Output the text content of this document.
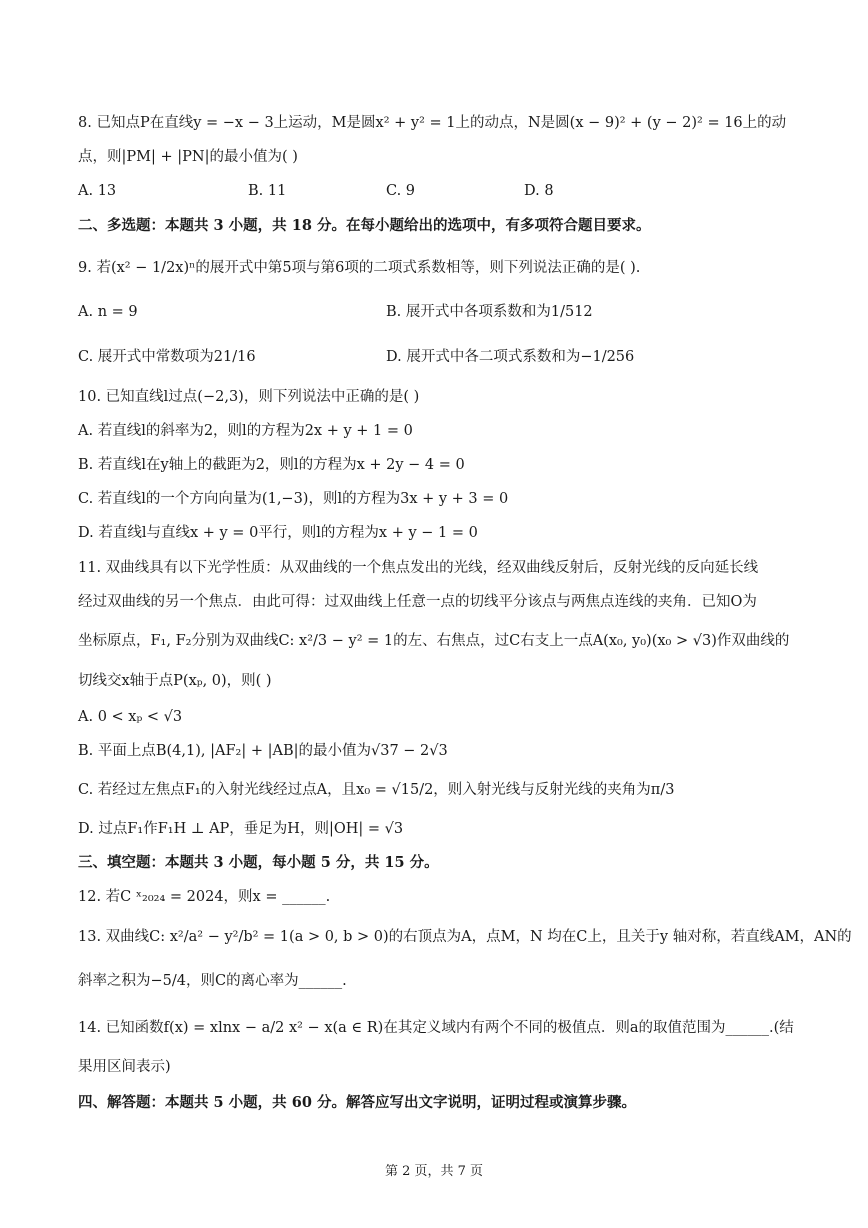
8. 已知点P在直线y = −x − 3上运动，M是圆x² + y² = 1上的动点，N是圆(x − 9)² + (y − 2)² = 16上的动
点，则|PM| + |PN|的最小值为( )
A. 13	B. 11	C. 9	D. 8
二、多选题：本题共 3 小题，共 18 分。在每小题给出的选项中，有多项符合题目要求。
9. 若(x² − 1/2x)ⁿ的展开式中第5项与第6项的二项式系数相等，则下列说法正确的是( ).
A. n = 9	B. 展开式中各项系数和为1/512
C. 展开式中常数项为21/16	D. 展开式中各二项式系数和为−1/256
10. 已知直线l过点(−2,3)，则下列说法中正确的是( )
A. 若直线l的斜率为2，则l的方程为2x + y + 1 = 0
B. 若直线l在y轴上的截距为2，则l的方程为x + 2y − 4 = 0
C. 若直线l的一个方向向量为(1,−3)，则l的方程为3x + y + 3 = 0
D. 若直线l与直线x + y = 0平行，则l的方程为x + y − 1 = 0
11. 双曲线具有以下光学性质：从双曲线的一个焦点发出的光线，经双曲线反射后，反射光线的反向延长线
经过双曲线的另一个焦点．由此可得：过双曲线上任意一点的切线平分该点与两焦点连线的夹角．已知O为
坐标原点，F₁, F₂分别为双曲线C: x²/3 − y² = 1的左、右焦点，过C右支上一点A(x₀, y₀)(x₀ > √3)作双曲线的
切线交x轴于点P(xₚ, 0)，则( )
A. 0 < xₚ < √3
B. 平面上点B(4,1), |AF₂| + |AB|的最小值为√37 − 2√3
C. 若经过左焦点F₁的入射光线经过点A，且x₀ = √15/2，则入射光线与反射光线的夹角为π/3
D. 过点F₁作F₁H ⊥ AP，垂足为H，则|OH| = √3
三、填空题：本题共 3 小题，每小题 5 分，共 15 分。
12. 若C ˣ₂₀₂₄ = 2024，则x = ______.
13. 双曲线C: x²/a² − y²/b² = 1(a > 0, b > 0)的右顶点为A，点M，N 均在C上，且关于y 轴对称，若直线AM，AN的
斜率之积为−5/4，则C的离心率为______.
14. 已知函数f(x) = xlnx − a/2 x² − x(a ∈ R)在其定义域内有两个不同的极值点．则a的取值范围为______.(结
果用区间表示)
四、解答题：本题共 5 小题，共 60 分。解答应写出文字说明，证明过程或演算步骤。
第 2 页，共 7 页
